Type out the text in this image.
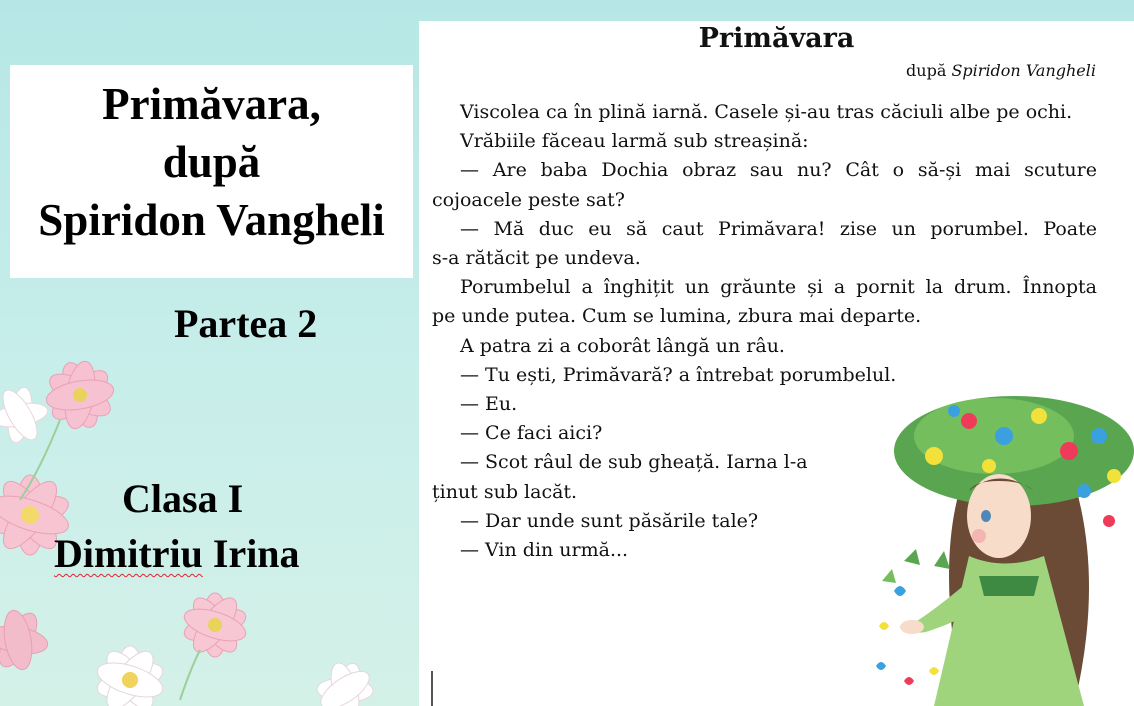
Primăvara,
după
Spiridon Vangheli
Partea 2
Clasa I
Dimitriu Irina
Primăvara
după Spiridon Vangheli
Viscolea ca în plină iarnă. Casele și-au tras căciuli albe pe ochi.
Vrăbiile făceau larmă sub streașină:
— Are baba Dochia obraz sau nu? Cât o să-și mai scuture
cojoacele peste sat?
— Mă duc eu să caut Primăvara! zise un porumbel. Poate
s-a rătăcit pe undeva.
Porumbelul a înghițit un grăunte și a pornit la drum. Înnopta
pe unde putea. Cum se lumina, zbura mai departe.
A patra zi a coborât lângă un râu.
— Tu ești, Primăvară? a întrebat porumbelul.
— Eu.
— Ce faci aici?
— Scot râul de sub gheață. Iarna l-a
ținut sub lacăt.
— Dar unde sunt păsările tale?
— Vin din urmă...
